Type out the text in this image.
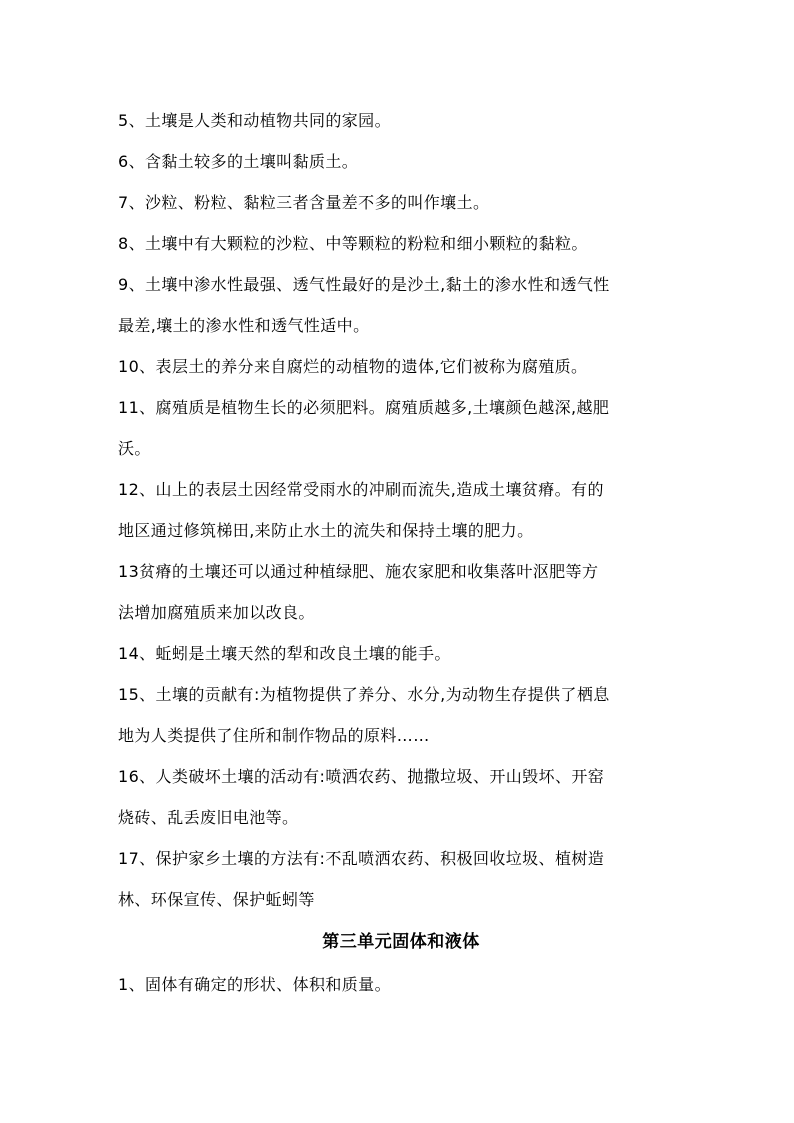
5、土壤是人类和动植物共同的家园。
6、含黏土较多的土壤叫黏质土。
7、沙粒、粉粒、黏粒三者含量差不多的叫作壤土。
8、土壤中有大颗粒的沙粒、中等颗粒的粉粒和细小颗粒的黏粒。
9、土壤中渗水性最强、透气性最好的是沙土,黏土的渗水性和透气性
最差,壤土的渗水性和透气性适中。
10、表层土的养分来自腐烂的动植物的遗体,它们被称为腐殖质。
11、腐殖质是植物生长的必须肥料。腐殖质越多,土壤颜色越深,越肥
沃。
12、山上的表层土因经常受雨水的冲刷而流失,造成土壤贫瘠。有的
地区通过修筑梯田,来防止水土的流失和保持土壤的肥力。
13贫瘠的土壤还可以通过种植绿肥、施农家肥和收集落叶沤肥等方
法增加腐殖质来加以改良。
14、蚯蚓是土壤天然的犁和改良土壤的能手。
15、土壤的贡献有:为植物提供了养分、水分,为动物生存提供了栖息
地为人类提供了住所和制作物品的原料……
16、人类破坏土壤的活动有:喷洒农药、抛撒垃圾、开山毁坏、开窑
烧砖、乱丢废旧电池等。
17、保护家乡土壤的方法有:不乱喷洒农药、积极回收垃圾、植树造
林、环保宣传、保护蚯蚓等
第三单元固体和液体
1、固体有确定的形状、体积和质量。
